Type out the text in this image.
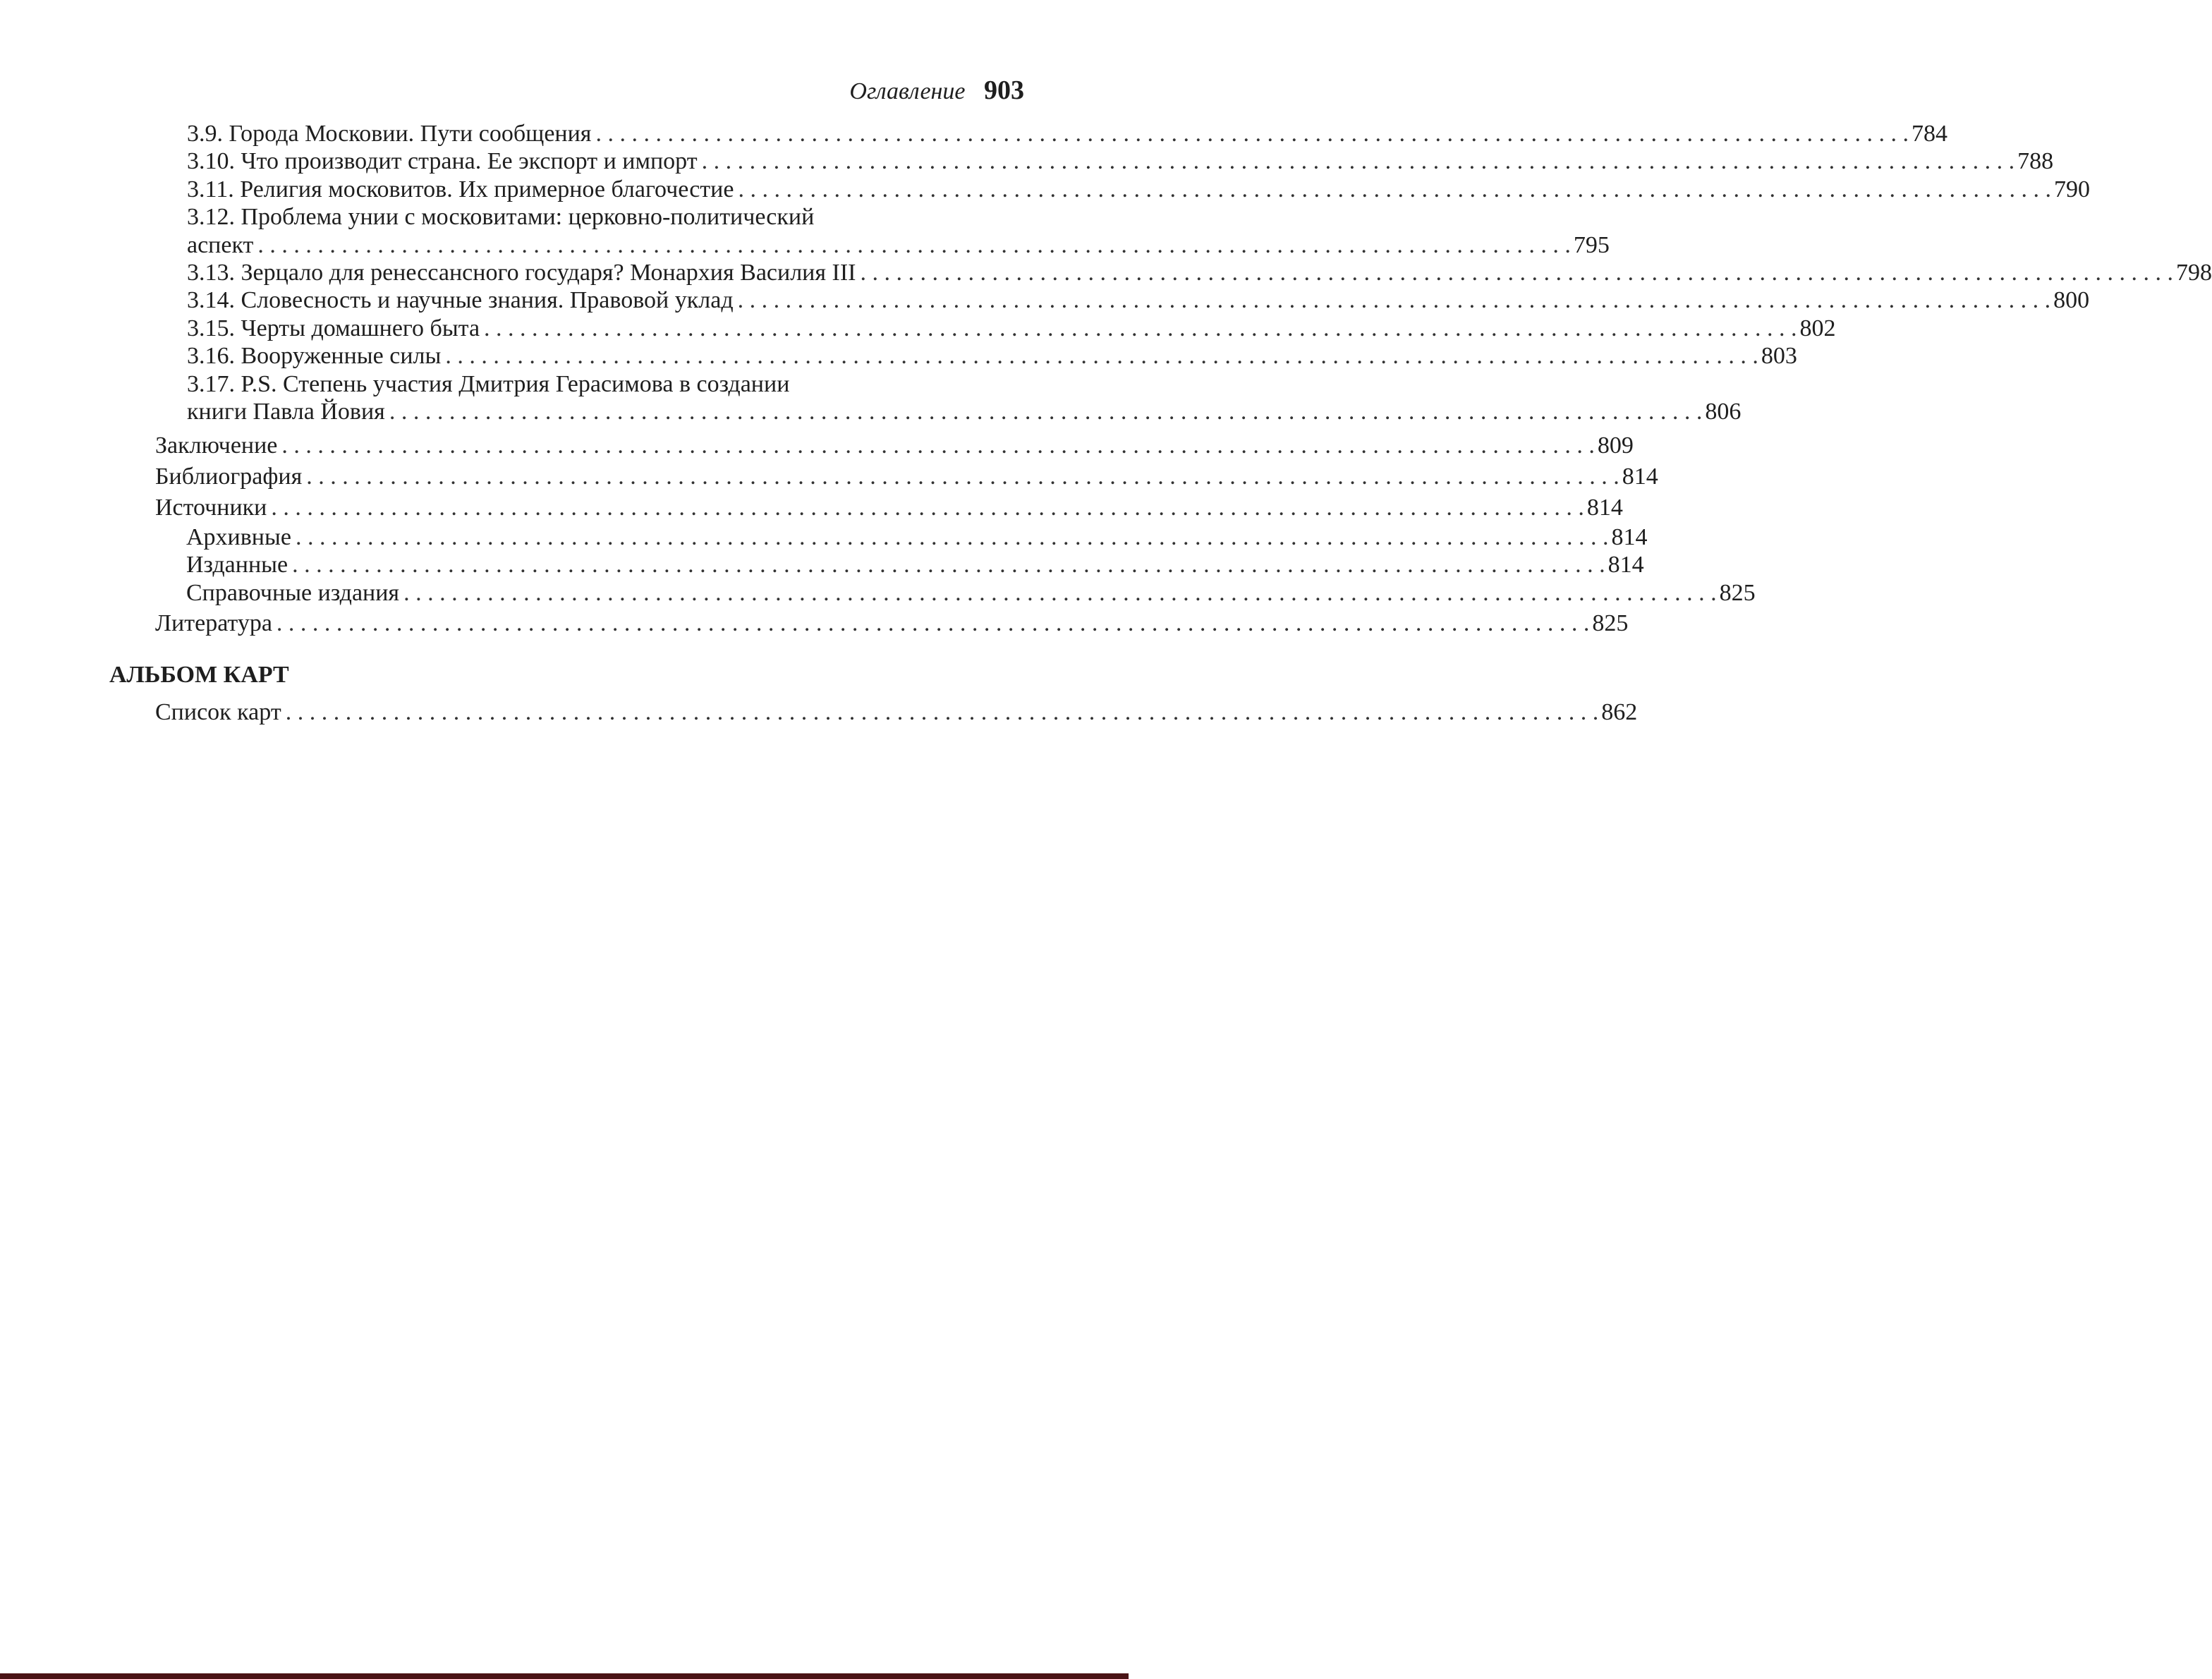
Оглавление 903
3.9. Города Московии. Пути сообщения . . .	784
3.10. Что производит страна. Ее экспорт и импорт . . .	788
3.11. Религия московитов. Их примерное благочестие . . .	790
3.12. Проблема унии с московитами: церковно-политический
аспект . . .	795
3.13. Зерцало для ренессансного государя? Монархия Василия III . . .	798
3.14. Словесность и научные знания. Правовой уклад . . .	800
3.15. Черты домашнего быта . . .	802
3.16. Вооруженные силы . . .	803
3.17. P.S. Степень участия Дмитрия Герасимова в создании
книги Павла Йовия . . .	806
Заключение . . .	809
Библиография . . .	814
Источники . . .	814
Архивные . . .	814
Изданные . . .	814
Справочные издания . . .	825
Литература . . .	825
АЛЬБОМ КАРТ
Список карт . . .	862
